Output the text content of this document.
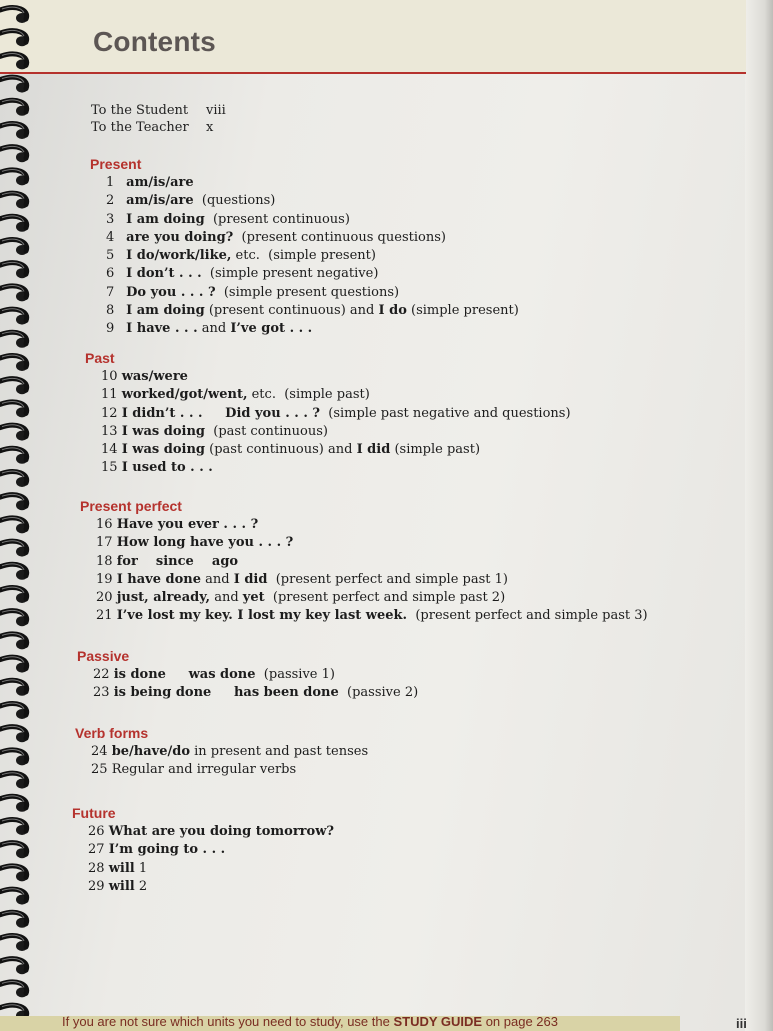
Contents
To the Student	viii
To the Teacher	x
Present
1 am/is/are
2 am/is/are  (questions)
3 I am doing  (present continuous)
4 are you doing?  (present continuous questions)
5 I do/work/like, etc.  (simple present)
6 I don’t . . .  (simple present negative)
7 Do you . . . ?  (simple present questions)
8 I am doing (present continuous) and I do (simple present)
9 I have . . . and I’ve got . . .
Past
10 was/were
11 worked/got/went, etc.  (simple past)
12 I didn’t . . .     Did you . . . ?  (simple past negative and questions)
13 I was doing  (past continuous)
14 I was doing (past continuous) and I did (simple past)
15 I used to . . .
Present perfect
16 Have you ever . . . ?
17 How long have you . . . ?
18 for    since    ago
19 I have done and I did  (present perfect and simple past 1)
20 just, already, and yet  (present perfect and simple past 2)
21 I’ve lost my key. I lost my key last week.  (present perfect and simple past 3)
Passive
22 is done     was done  (passive 1)
23 is being done     has been done  (passive 2)
Verb forms
24 be/have/do in present and past tenses
25 Regular and irregular verbs
Future
26 What are you doing tomorrow?
27 I’m going to . . .
28 will 1
29 will 2
If you are not sure which units you need to study, use the STUDY GUIDE on page 263	iii
